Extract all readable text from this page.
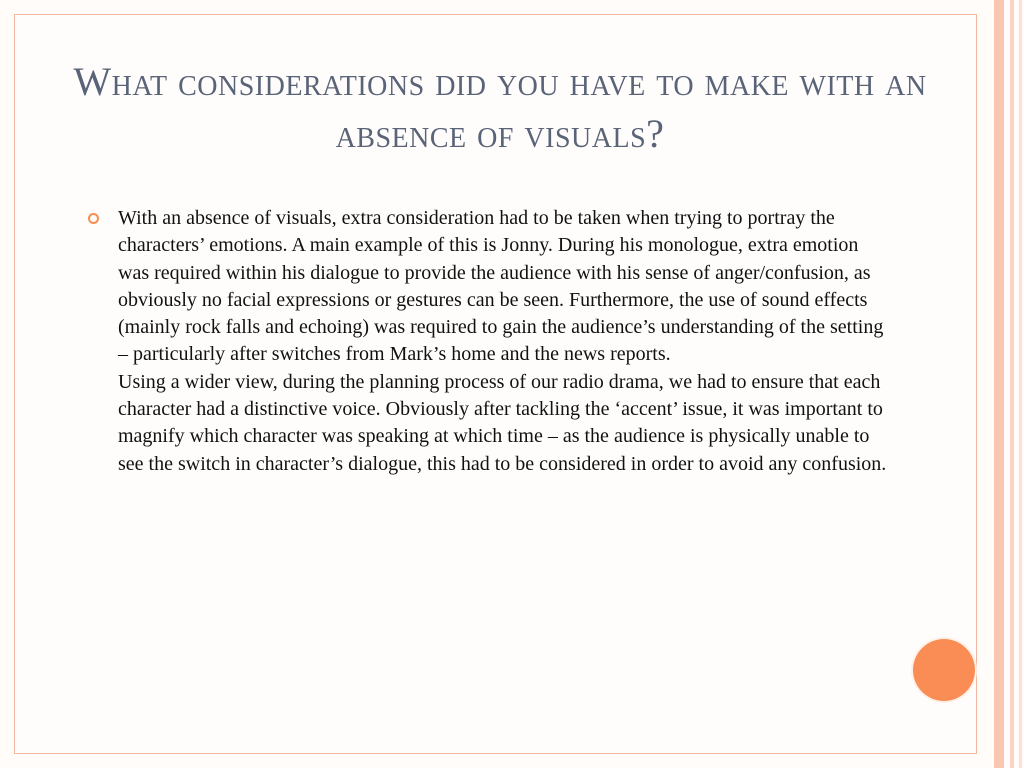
What considerations did you have to make with an absence of visuals?

With an absence of visuals, extra consideration had to be taken when trying to portray the characters’ emotions. A main example of this is Jonny. During his monologue, extra emotion was required within his dialogue to provide the audience with his sense of anger/confusion, as obviously no facial expressions or gestures can be seen. Furthermore, the use of sound effects (mainly rock falls and echoing) was required to gain the audience’s understanding of the setting – particularly after switches from Mark’s home and the news reports.

Using a wider view, during the planning process of our radio drama, we had to ensure that each character had a distinctive voice. Obviously after tackling the ‘accent’ issue, it was important to magnify which character was speaking at which time – as the audience is physically unable to see the switch in character’s dialogue, this had to be considered in order to avoid any confusion.
